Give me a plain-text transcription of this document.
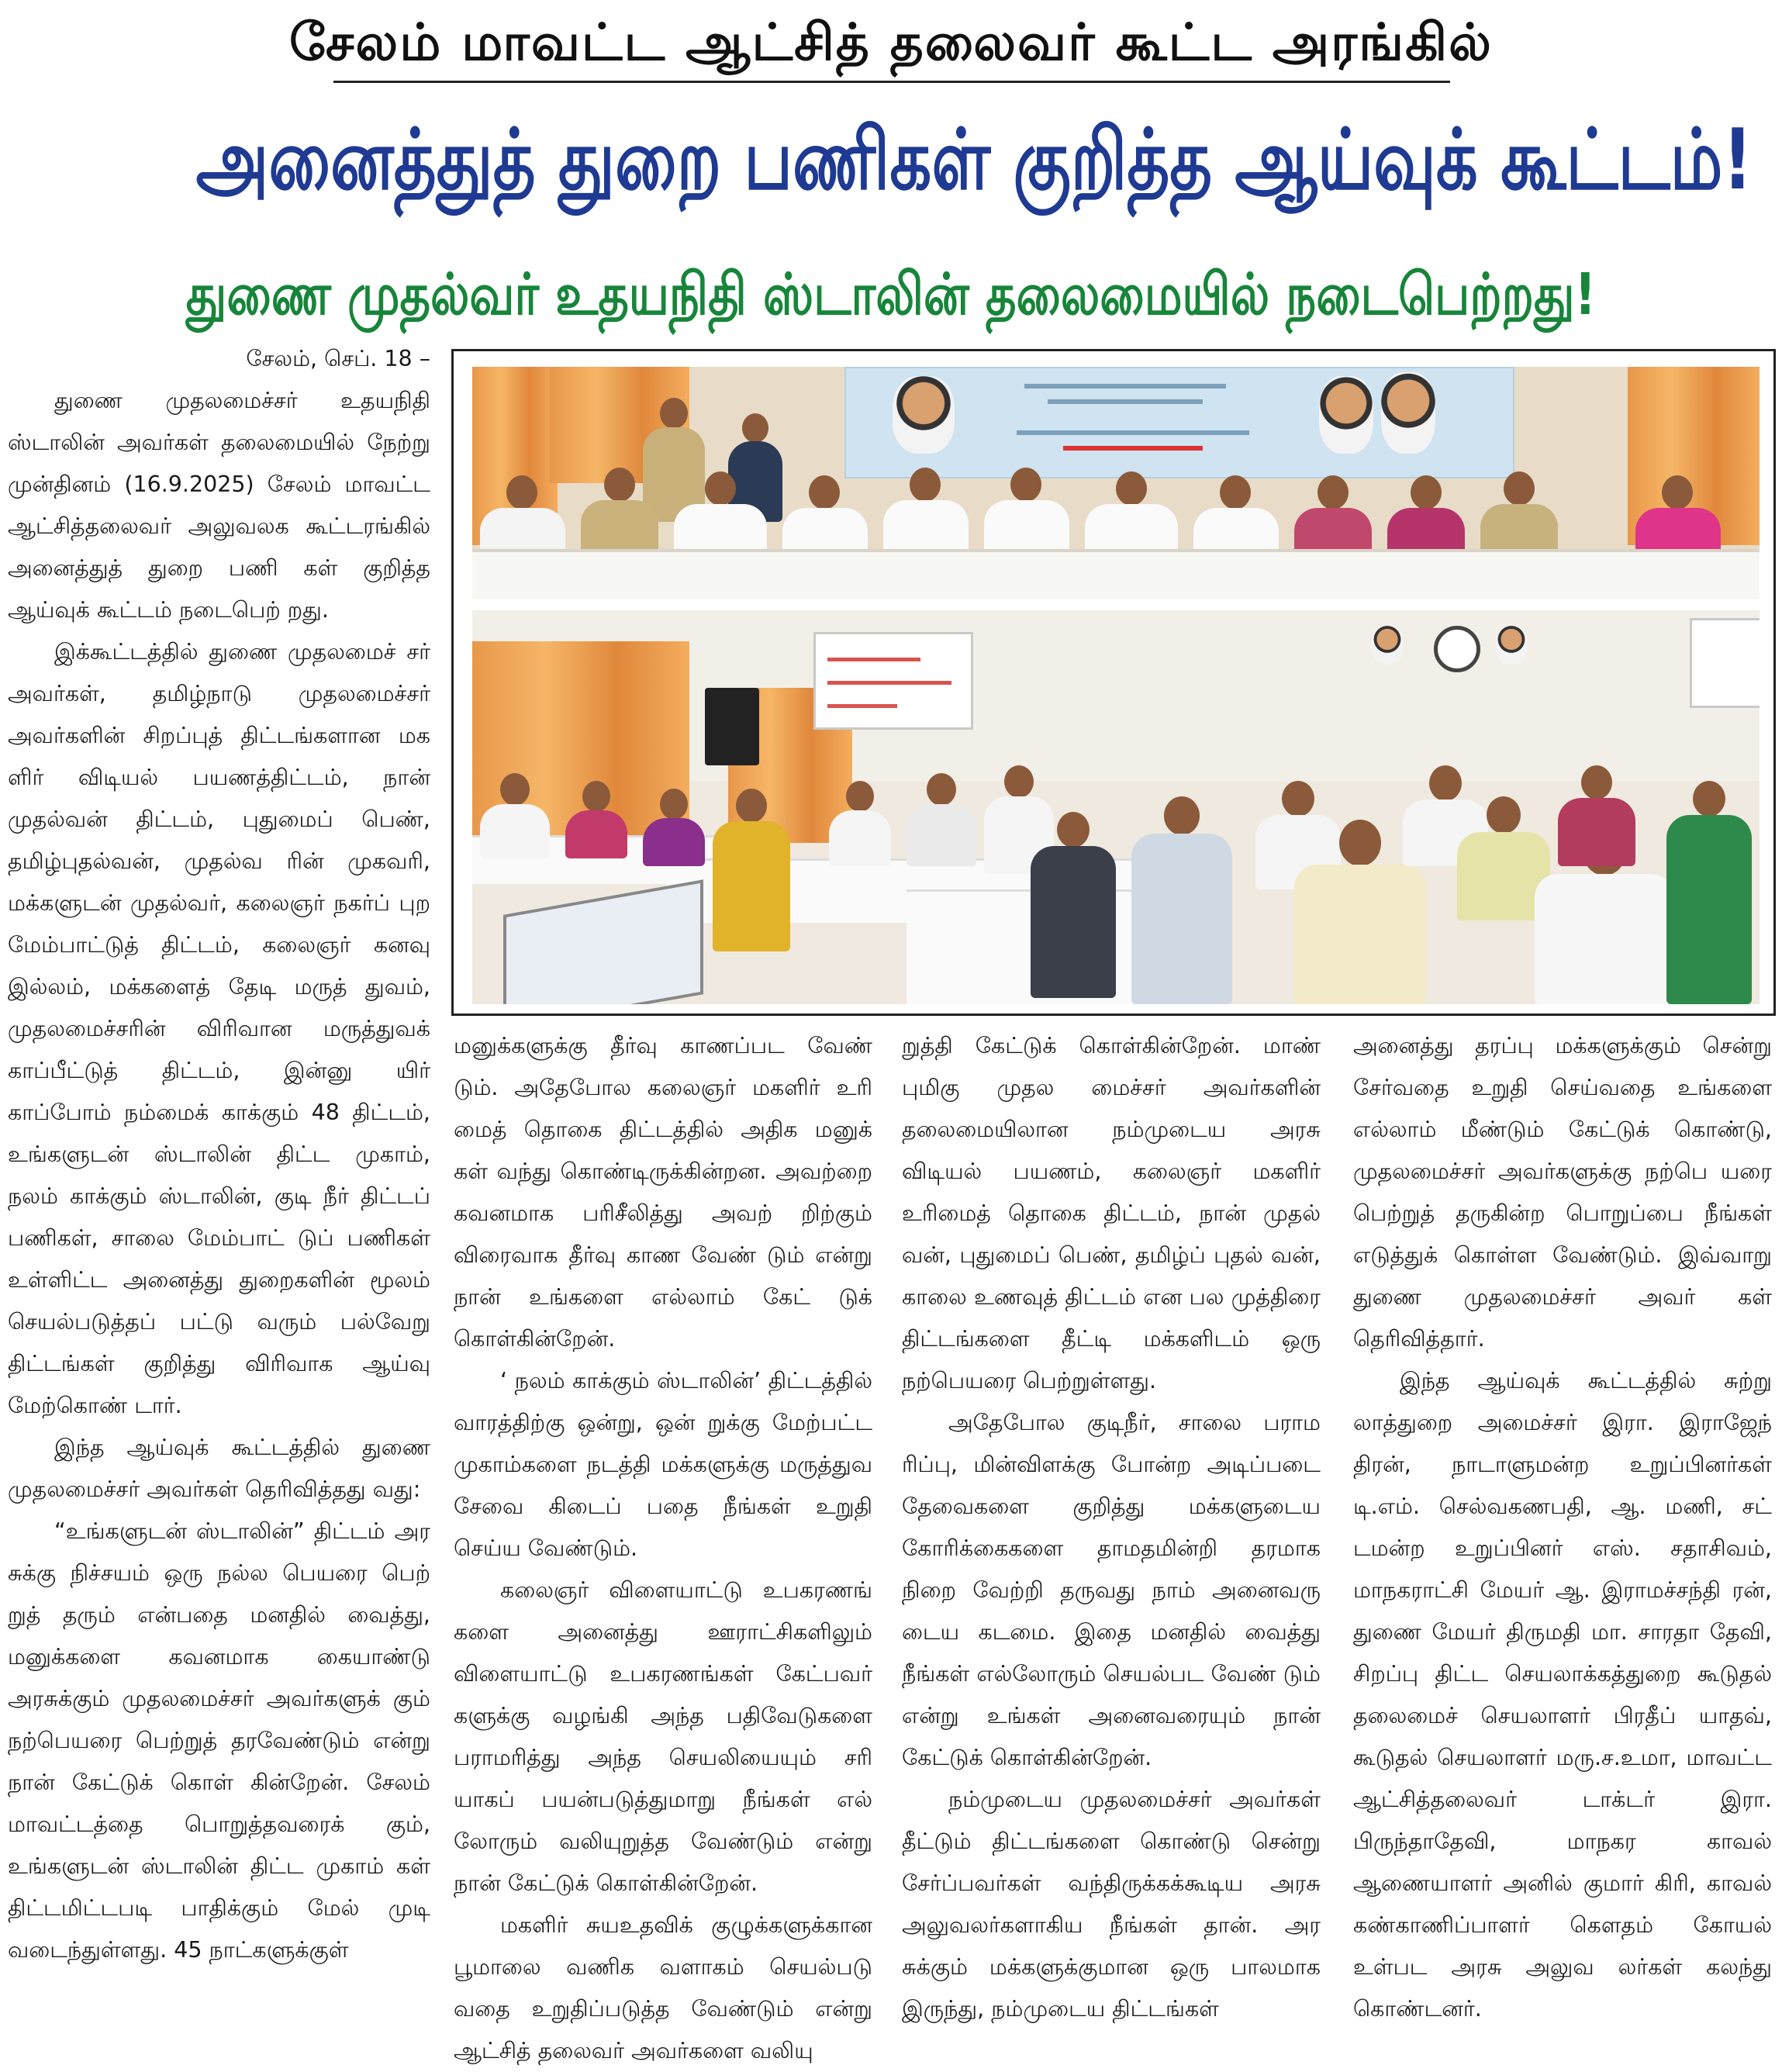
சேலம் மாவட்ட ஆட்சித் தலைவர் கூட்ட அரங்கில்
அனைத்துத் துறை பணிகள் குறித்த ஆய்வுக் கூட்டம்!
துணை முதல்வர் உதயநிதி ஸ்டாலின் தலைமையில் நடைபெற்றது!

சேலம், செப். 18 –

துணை முதலமைச்சர் உதயநிதி ஸ்டாலின் அவர்கள் தலைமையில் நேற்று முன்தினம் (16.9.2025) சேலம் மாவட்ட ஆட்சித்தலைவர் அலுவலக கூட்டரங்கில் அனைத்துத் துறை பணி கள் குறித்த ஆய்வுக் கூட்டம் நடைபெற் றது.

இக்கூட்டத்தில் துணை முதலமைச் சர் அவர்கள், தமிழ்நாடு முதலமைச்சர் அவர்களின் சிறப்புத் திட்டங்களான மக ளிர் விடியல் பயணத்திட்டம், நான் முதல்வன் திட்டம், புதுமைப் பெண், தமிழ்புதல்வன், முதல்வ ரின் முகவரி, மக்களுடன் முதல்வர், கலைஞர் நகர்ப் புற மேம்பாட்டுத் திட்டம், கலைஞர் கனவு இல்லம், மக்களைத் தேடி மருத் துவம், முதலமைச்சரின் விரிவான மருத்துவக் காப்பீட்டுத் திட்டம், இன்னு யிர் காப்போம் நம்மைக் காக்கும் 48 திட்டம், உங்களுடன் ஸ்டாலின் திட்ட முகாம், நலம் காக்கும் ஸ்டாலின், குடி நீர் திட்டப் பணிகள், சாலை மேம்பாட் டுப் பணிகள் உள்ளிட்ட அனைத்து துறைகளின் மூலம் செயல்படுத்தப் பட்டு வரும் பல்வேறு திட்டங்கள் குறித்து விரிவாக ஆய்வு மேற்கொண் டார்.

இந்த ஆய்வுக் கூட்டத்தில் துணை முதலமைச்சர் அவர்கள் தெரிவித்தது வது:

“உங்களுடன் ஸ்டாலின்” திட்டம் அர சுக்கு நிச்சயம் ஒரு நல்ல பெயரை பெற் றுத் தரும் என்பதை மனதில் வைத்து, மனுக்களை கவனமாக கையாண்டு அரசுக்கும் முதலமைச்சர் அவர்களுக் கும் நற்பெயரை பெற்றுத் தரவேண்டும் என்று நான் கேட்டுக் கொள் கின்றேன். சேலம் மாவட்டத்தை பொறுத்தவரைக் கும், உங்களுடன் ஸ்டாலின் திட்ட முகாம் கள் திட்டமிட்டபடி பாதிக்கும் மேல் முடி வடைந்துள்ளது. 45 நாட்களுக்குள்

மனுக்களுக்கு தீர்வு காணப்பட வேண் டும். அதேபோல கலைஞர் மகளிர் உரி மைத் தொகை திட்டத்தில் அதிக மனுக் கள் வந்து கொண்டிருக்கின்றன. அவற்றை கவனமாக பரிசீலித்து அவற் றிற்கும் விரைவாக தீர்வு காண வேண் டும் என்று நான் உங்களை எல்லாம் கேட் டுக் கொள்கின்றேன்.

‘ நலம் காக்கும் ஸ்டாலின்’ திட்டத்தில் வாரத்திற்கு ஒன்று, ஒன் றுக்கு மேற்பட்ட முகாம்களை நடத்தி மக்களுக்கு மருத்துவ சேவை கிடைப் பதை நீங்கள் உறுதி செய்ய வேண்டும்.

கலைஞர் விளையாட்டு உபகரணங் களை அனைத்து ஊராட்சிகளிலும் விளையாட்டு உபகரணங்கள் கேட்பவர் களுக்கு வழங்கி அந்த பதிவேடுகளை பராமரித்து அந்த செயலியையும் சரி யாகப் பயன்படுத்துமாறு நீங்கள் எல் லோரும் வலியுறுத்த வேண்டும் என்று நான் கேட்டுக் கொள்கின்றேன்.

மகளிர் சுயஉதவிக் குழுக்களுக்கான பூமாலை வணிக வளாகம் செயல்படு வதை உறுதிப்படுத்த வேண்டும் என்று ஆட்சித் தலைவர் அவர்களை வலியு

றுத்தி கேட்டுக் கொள்கின்றேன். மாண் புமிகு முதல மைச்சர் அவர்களின் தலைமையிலான நம்முடைய அரசு விடியல் பயணம், கலைஞர் மகளிர் உரிமைத் தொகை திட்டம், நான் முதல் வன், புதுமைப் பெண், தமிழ்ப் புதல் வன், காலை உணவுத் திட்டம் என பல முத்திரை திட்டங்களை தீட்டி மக்களிடம் ஒரு நற்பெயரை பெற்றுள்ளது.

அதேபோல குடிநீர், சாலை பராம ரிப்பு, மின்விளக்கு போன்ற அடிப்படை தேவைகளை குறித்து மக்களுடைய கோரிக்கைகளை தாமதமின்றி தரமாக நிறை வேற்றி தருவது நாம் அனைவரு டைய கடமை. இதை மனதில் வைத்து நீங்கள் எல்லோரும் செயல்பட வேண் டும் என்று உங்கள் அனைவரையும் நான் கேட்டுக் கொள்கின்றேன்.

நம்முடைய முதலமைச்சர் அவர்கள் தீட்டும் திட்டங்களை கொண்டு சென்று சேர்ப்பவர்கள் வந்திருக்கக்கூடிய அரசு அலுவலர்களாகிய நீங்கள் தான். அர சுக்கும் மக்களுக்குமான ஒரு பாலமாக இருந்து, நம்முடைய திட்டங்கள்

அனைத்து தரப்பு மக்களுக்கும் சென்று சேர்வதை உறுதி செய்வதை உங்களை எல்லாம் மீண்டும் கேட்டுக் கொண்டு, முதலமைச்சர் அவர்களுக்கு நற்பெ யரை பெற்றுத் தருகின்ற பொறுப்பை நீங்கள் எடுத்துக் கொள்ள வேண்டும். இவ்வாறு துணை முதலமைச்சர் அவர் கள் தெரிவித்தார்.

இந்த ஆய்வுக் கூட்டத்தில் சுற்று லாத்துறை அமைச்சர் இரா. இராஜேந் திரன், நாடாளுமன்ற உறுப்பினர்கள் டி.எம். செல்வகணபதி, ஆ. மணி, சட் டமன்ற உறுப்பினர் எஸ். சதாசிவம், மாநகராட்சி மேயர் ஆ. இராமச்சந்தி ரன், துணை மேயர் திருமதி மா. சாரதா தேவி, சிறப்பு திட்ட செயலாக்கத்துறை கூடுதல் தலைமைச் செயலாளர் பிரதீப் யாதவ், கூடுதல் செயலாளர் மரு.ச.உமா, மாவட்ட ஆட்சித்தலைவர் டாக்டர் இரா. பிருந்தாதேவி, மாநகர காவல் ஆணையாளர் அனில் குமார் கிரி, காவல் கண்காணிப்பாளர் கௌதம் கோயல் உள்பட அரசு அலுவ லர்கள் கலந்து கொண்டனர்.
